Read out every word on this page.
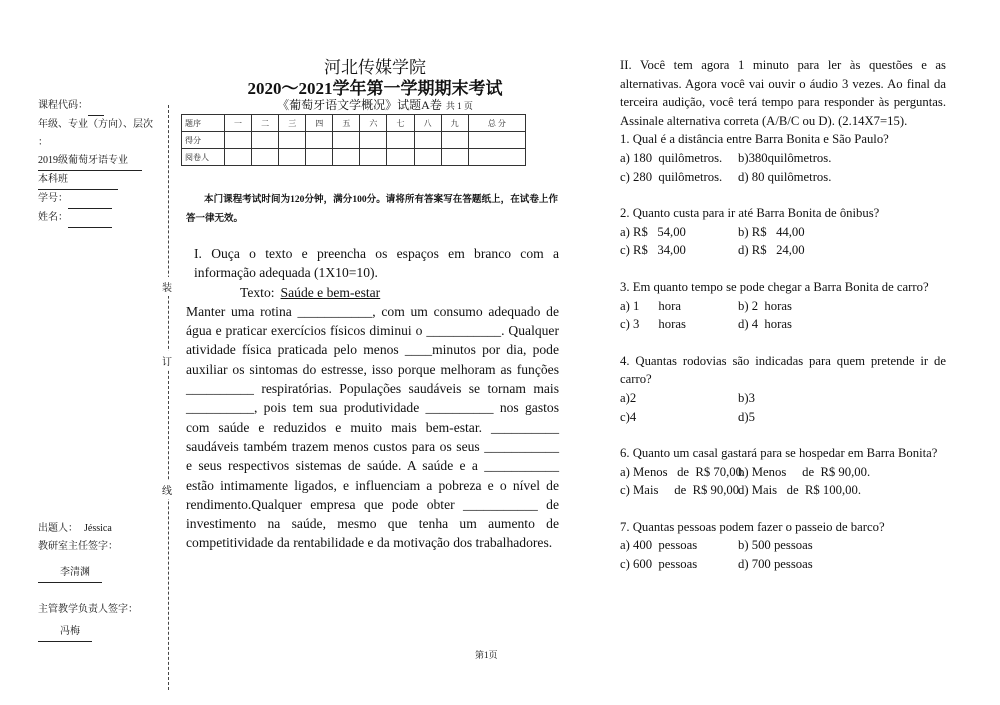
课程代码：
年级、专业（方向）、层次
：
2019级葡萄牙语专业
本科班
学号：
姓名：
出题人： Jéssica
教研室主任签字：
李清渊
主管教学负责人签字：
冯梅
装
订
线
河北传媒学院
2020～2021学年第一学期期末考试
《葡萄牙语文学概况》试题A卷 共 1 页
题序	一	二	三	四	五	六	七	八	九	总 分
得分										
阅卷人										
本门课程考试时间为120分钟，满分100分。请将所有答案写在答题纸上，在试卷上作答一律无效。
I. Ouça o texto e preencha os espaços em branco com a informação adequada (1X10=10).
Texto: Saúde e bem-estar
Manter uma rotina ___________, com um consumo adequado de água e praticar exercícios físicos diminui o ___________. Qualquer atividade física praticada pelo menos ____minutos por dia, pode auxiliar os sintomas do estresse, isso porque melhoram as funções __________ respiratórias. Populações saudáveis se tornam mais __________, pois tem sua produtividade __________ nos gastos com saúde e reduzidos e muito mais bem-estar. __________ saudáveis também trazem menos custos para os seus ___________ e seus respectivos sistemas de saúde. A saúde e a ___________ estão intimamente ligados, e influenciam a pobreza e o nível de rendimento.Qualquer empresa que pode obter ___________ de investimento na saúde, mesmo que tenha um aumento de competitividade da rentabilidade e da motivação dos trabalhadores.
第1页
II. Você tem agora 1 minuto para ler às questões e as alternativas. Agora você vai ouvir o áudio 3 vezes. Ao final da terceira audição, você terá tempo para responder às perguntas. Assinale alternativa correta (A/B/C ou D). (2.14X7=15).
1. Qual é a distância entre Barra Bonita e São Paulo?
a) 180  quilômetros.	b)380quilômetros.
c) 280  quilômetros.	d) 80 quilômetros.
2. Quanto custa para ir até Barra Bonita de ônibus?
a) R$   54,00	b) R$   44,00
c) R$   34,00	d) R$   24,00
3. Em quanto tempo se pode chegar a Barra Bonita de carro?
a) 1      hora	b) 2  horas
c) 3      horas	d) 4  horas
4. Quantas rodovias são indicadas para quem pretende ir de carro?
a)2	b)3
c)4	d)5
6. Quanto um casal gastará para se hospedar em Barra Bonita?
a) Menos   de  R$ 70,00.
b) Menos     de  R$ 90,00.
c) Mais     de  R$ 90,00
d) Mais   de  R$ 100,00.
7. Quantas pessoas podem fazer o passeio de barco?
a) 400  pessoas	b) 500 pessoas
c) 600  pessoas	d) 700 pessoas
